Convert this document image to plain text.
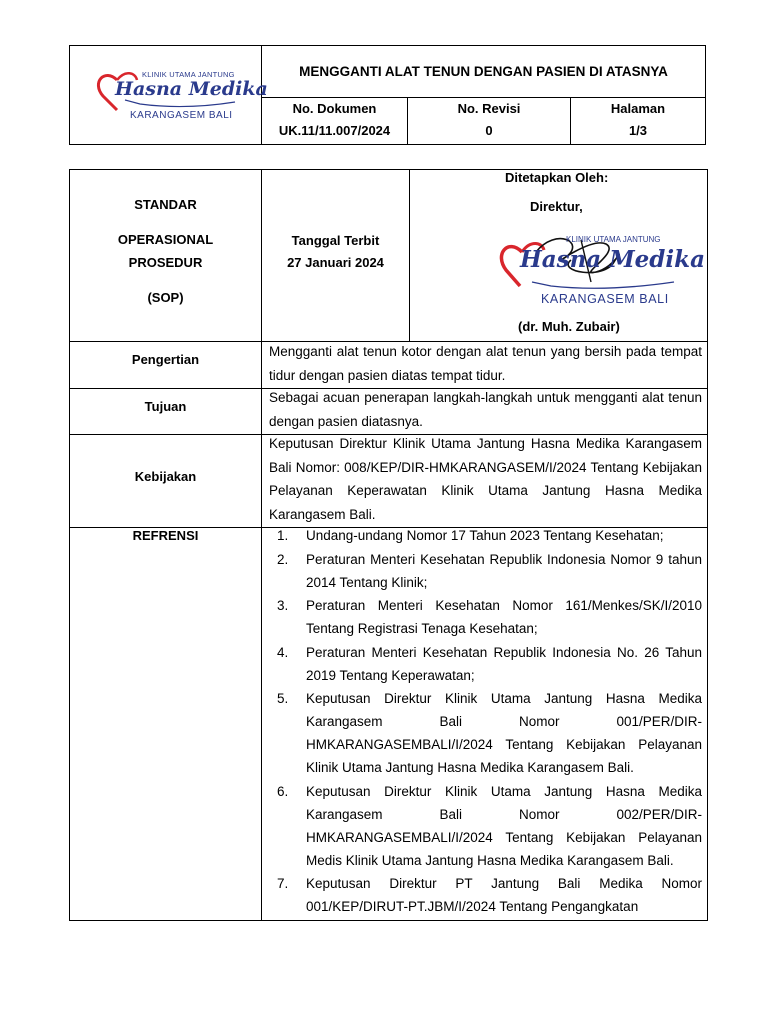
KLINIK UTAMA JANTUNG
Hasna Medika
KARANGASEM BALI
MENGGANTI ALAT TENUN DENGAN PASIEN DI ATASNYA
No. Dokumen
UK.11/11.007/2024
No. Revisi
0
Halaman
1/3
STANDAR
OPERASIONAL
PROSEDUR
(SOP)
Tanggal Terbit
27 Januari 2024
Ditetapkan Oleh:
Direktur,
KLINIK UTAMA JANTUNG
Hasna Medika
KARANGASEM BALI
(dr. Muh. Zubair)
Pengertian
Mengganti alat tenun kotor dengan alat tenun yang bersih pada tempat tidur dengan pasien diatas tempat tidur.
Tujuan
Sebagai acuan penerapan langkah-langkah untuk mengganti alat tenun dengan pasien diatasnya.
Kebijakan
Keputusan Direktur Klinik Utama Jantung Hasna Medika Karangasem Bali Nomor: 008/KEP/DIR-HMKARANGASEM/I/2024 Tentang Kebijakan Pelayanan Keperawatan Klinik Utama Jantung Hasna Medika Karangasem Bali.
REFRENSI	1. Undang-undang Nomor 17 Tahun 2023 Tentang Kesehatan;
2. Peraturan Menteri Kesehatan Republik Indonesia Nomor 9 tahun 2014 Tentang Klinik;
3. Peraturan Menteri Kesehatan Nomor 161/Menkes/SK/I/2010 Tentang Registrasi Tenaga Kesehatan;
4. Peraturan Menteri Kesehatan Republik Indonesia No. 26 Tahun 2019 Tentang Keperawatan;
5. Keputusan Direktur Klinik Utama Jantung Hasna Medika Karangasem Bali Nomor 001/PER/DIR-HMKARANGASEMBALI/I/2024 Tentang Kebijakan Pelayanan Klinik Utama Jantung Hasna Medika Karangasem Bali.
6. Keputusan Direktur Klinik Utama Jantung Hasna Medika Karangasem Bali Nomor 002/PER/DIR-HMKARANGASEMBALI/I/2024 Tentang Kebijakan Pelayanan Medis Klinik Utama Jantung Hasna Medika Karangasem Bali.
7. Keputusan Direktur PT Jantung Bali Medika Nomor 001/KEP/DIRUT-PT.JBM/I/2024 Tentang Pengangkatan
